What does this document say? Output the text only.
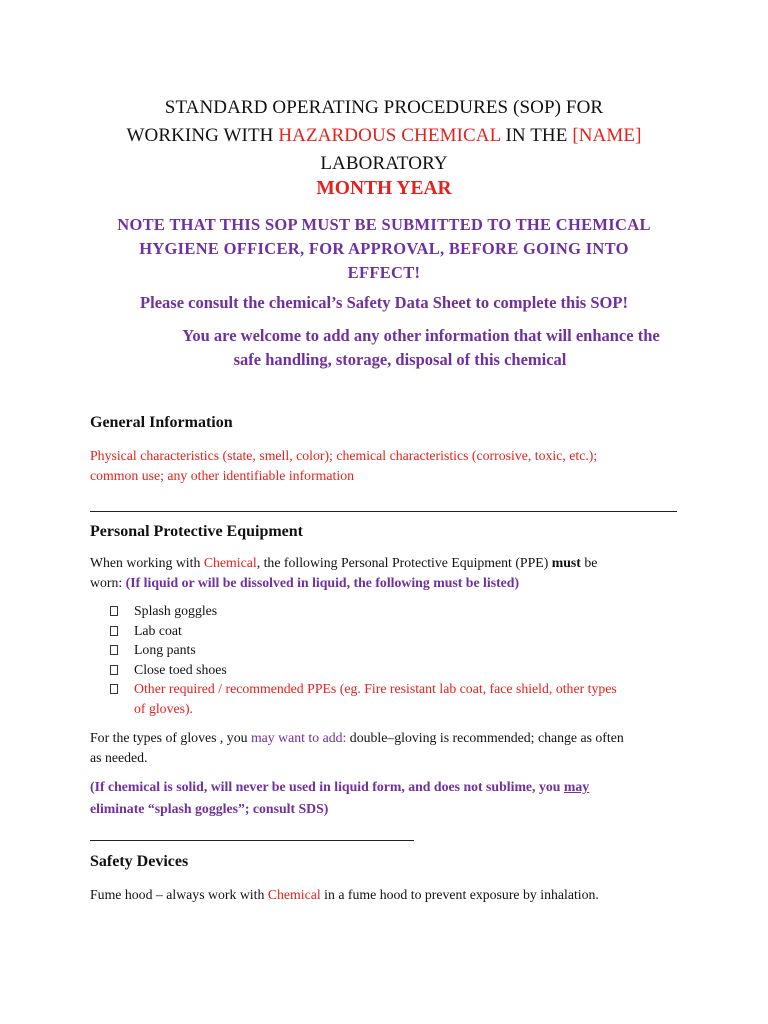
STANDARD OPERATING PROCEDURES (SOP) FOR
WORKING WITH HAZARDOUS CHEMICAL IN THE [NAME]
LABORATORY
MONTH YEAR
NOTE THAT THIS SOP MUST BE SUBMITTED TO THE CHEMICAL
HYGIENE OFFICER, FOR APPROVAL, BEFORE GOING INTO
EFFECT!
Please consult the chemical’s Safety Data Sheet to complete this SOP!
You are welcome to add any other information that will enhance the
safe handling, storage, disposal of this chemical
General Information
Physical characteristics (state, smell, color); chemical characteristics (corrosive, toxic, etc.);
common use; any other identifiable information
Personal Protective Equipment
When working with Chemical, the following Personal Protective Equipment (PPE) must be
worn: (If liquid or will be dissolved in liquid, the following must be listed)
Splash goggles
Lab coat
Long pants
Close toed shoes
Other required / recommended PPEs (eg. Fire resistant lab coat, face shield, other types
of gloves).
For the types of gloves , you may want to add: double–gloving is recommended; change as often
as needed.
(If chemical is solid, will never be used in liquid form, and does not sublime, you may
eliminate “splash goggles”; consult SDS)
Safety Devices
Fume hood – always work with Chemical in a fume hood to prevent exposure by inhalation.
